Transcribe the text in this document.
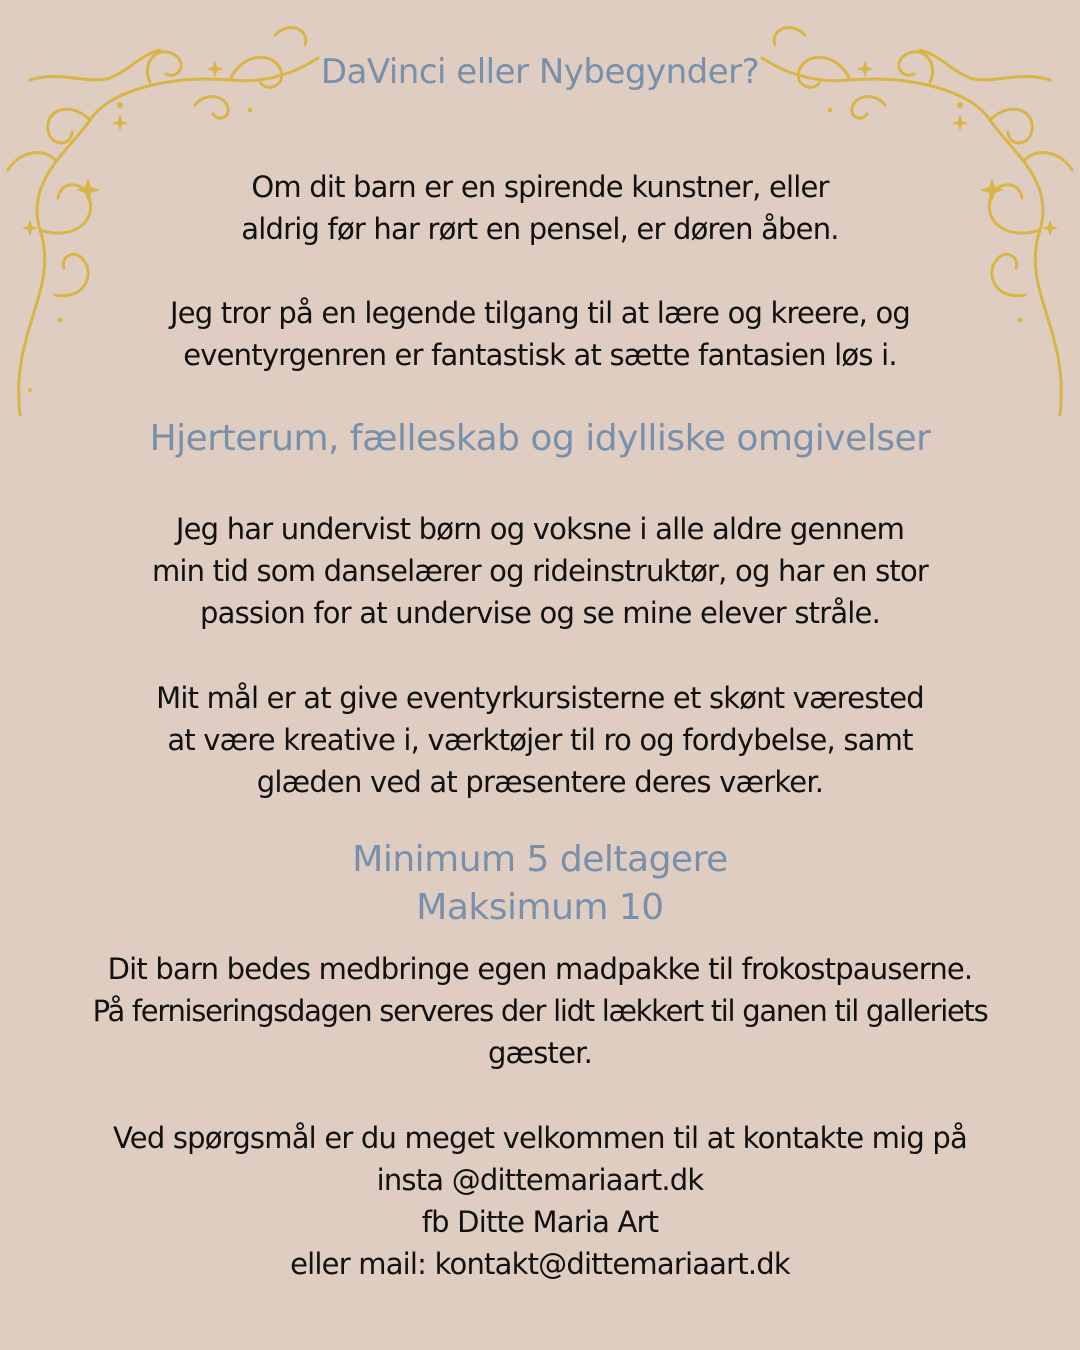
DaVinci eller Nybegynder?
Om dit barn er en spirende kunstner, eller
aldrig før har rørt en pensel, er døren åben.
Jeg tror på en legende tilgang til at lære og kreere, og
eventyrgenren er fantastisk at sætte fantasien løs i.
Hjerterum, fælleskab og idylliske omgivelser
Jeg har undervist børn og voksne i alle aldre gennem
min tid som danselærer og rideinstruktør, og har en stor
passion for at undervise og se mine elever stråle.
Mit mål er at give eventyrkursisterne et skønt værested
at være kreative i, værktøjer til ro og fordybelse, samt
glæden ved at præsentere deres værker.
Minimum 5 deltagere
Maksimum 10
Dit barn bedes medbringe egen madpakke til frokostpauserne.
På ferniseringsdagen serveres der lidt lækkert til ganen til galleriets
gæster.
Ved spørgsmål er du meget velkommen til at kontakte mig på
insta @dittemariaart.dk
fb Ditte Maria Art
eller mail: kontakt@dittemariaart.dk
